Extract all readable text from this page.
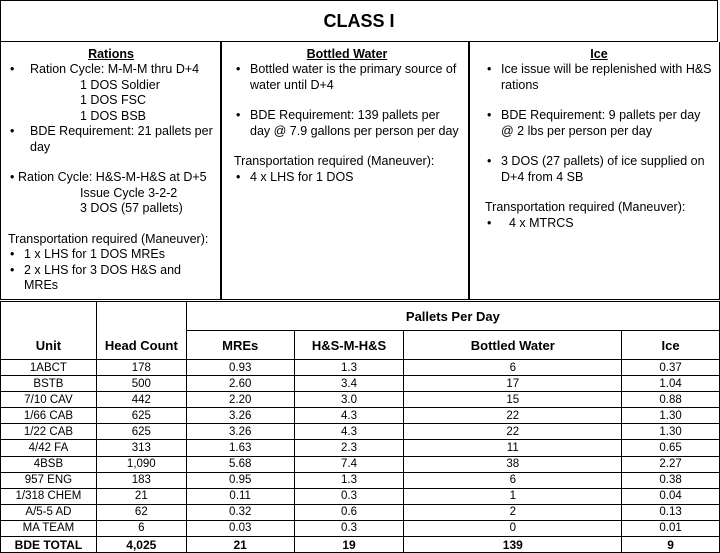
CLASS I
Rations
• Ration Cycle: M-M-M thru D+4
1 DOS Soldier
1 DOS FSC
1 DOS BSB
• BDE Requirement: 21 pallets per day
• Ration Cycle: H&S-M-H&S at D+5
Issue Cycle 3-2-2
3 DOS (57 pallets)

Transportation required (Maneuver):

• 1 x LHS for 1 DOS MREs
• 2 x LHS for 3 DOS H&S and MREs
Bottled Water
• Bottled water is the primary source of water until D+4
• BDE Requirement: 139 pallets per day @ 7.9 gallons per person per day

Transportation required (Maneuver):

• 4 x LHS for 1 DOS
Ice
• Ice issue will be replenished with H&S rations
• BDE Requirement: 9 pallets per day @ 2 lbs per person per day
• 3 DOS (27 pallets) of ice supplied on D+4 from 4 SB

Transportation required (Maneuver):

• 4 x MTRCS
Unit	Head Count	Pallets Per Day			
		MREs	H&S-M-H&S	Bottled Water	Ice
1ABCT	178	0.93	1.3	6	0.37
BSTB	500	2.60	3.4	17	1.04
7/10 CAV	442	2.20	3.0	15	0.88
1/66 CAB	625	3.26	4.3	22	1.30
1/22 CAB	625	3.26	4.3	22	1.30
4/42 FA	313	1.63	2.3	11	0.65
4BSB	1,090	5.68	7.4	38	2.27
957 ENG	183	0.95	1.3	6	0.38
1/318 CHEM	21	0.11	0.3	1	0.04
A/5-5 AD	62	0.32	0.6	2	0.13
MA TEAM	6	0.03	0.3	0	0.01
BDE TOTAL	4,025	21	19	139	9
